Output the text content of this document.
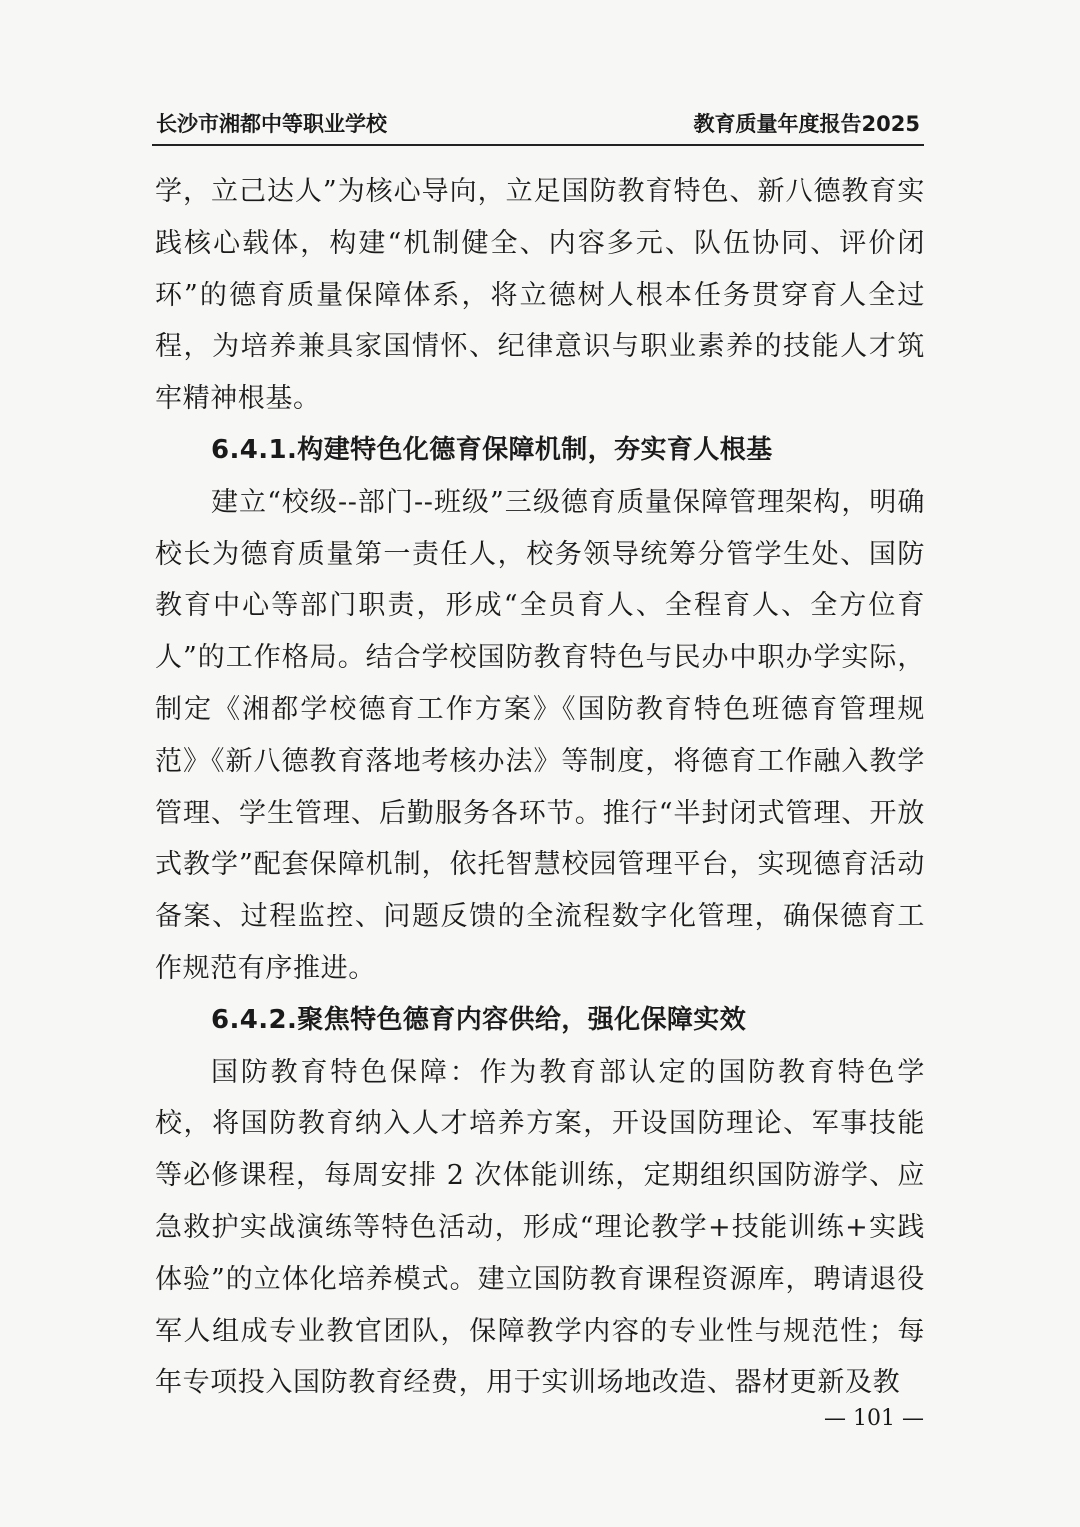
长沙市湘都中等职业学校	教育质量年度报告2025

学，立己达人”为核心导向，立足国防教育特色、新八德教育实践核心载体，构建“机制健全、内容多元、队伍协同、评价闭环”的德育质量保障体系，将立德树人根本任务贯穿育人全过程，为培养兼具家国情怀、纪律意识与职业素养的技能人才筑牢精神根基。

6.4.1.构建特色化德育保障机制，夯实育人根基

建立“校级--部门--班级”三级德育质量保障管理架构，明确校长为德育质量第一责任人，校务领导统筹分管学生处、国防教育中心等部门职责，形成“全员育人、全程育人、全方位育人”的工作格局。结合学校国防教育特色与民办中职办学实际，制定《湘都学校德育工作方案》《国防教育特色班德育管理规范》《新八德教育落地考核办法》等制度，将德育工作融入教学管理、学生管理、后勤服务各环节。推行“半封闭式管理、开放式教学”配套保障机制，依托智慧校园管理平台，实现德育活动备案、过程监控、问题反馈的全流程数字化管理，确保德育工作规范有序推进。

6.4.2.聚焦特色德育内容供给，强化保障实效

国防教育特色保障：作为教育部认定的国防教育特色学校，将国防教育纳入人才培养方案，开设国防理论、军事技能等必修课程，每周安排 2 次体能训练，定期组织国防游学、应急救护实战演练等特色活动，形成“理论教学+技能训练+实践体验”的立体化培养模式。建立国防教育课程资源库，聘请退役军人组成专业教官团队，保障教学内容的专业性与规范性；每年专项投入国防教育经费，用于实训场地改造、器材更新及教

— 101 —
